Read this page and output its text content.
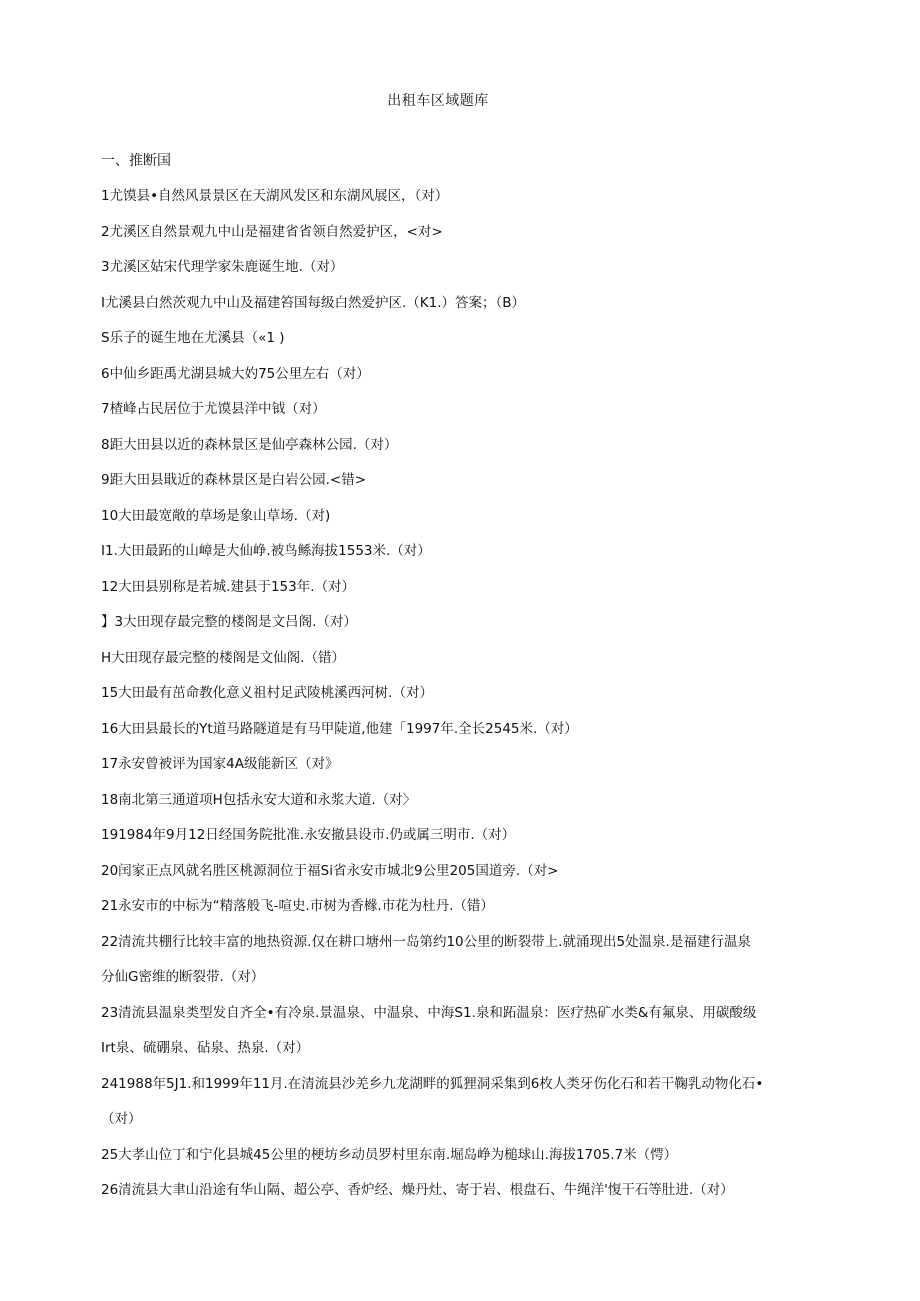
出租车区域题库
一、推断国
1尤馍县•自然风景景区在天湖风发区和东湖风展区，（对）
2尤溪区自然景观九中山是福建省省领自然爱护区，<对>
3尤溪区姑宋代理学家朱鹿诞生地.（对）
I尤溪县白然茨观九中山及福建笞国每级白然爱护区.（K1.）答案；（B）
S乐子的诞生地在尤溪县（«1 )
6中仙乡距禹尤湖县城大妁75公里左右（对）
7楂峰占民居位于尤馍县洋中钺（对）
8距大田县以近的森林景区是仙亭森林公园.（对）
9距大田县戢近的森林景区是白岩公园.<错>
10大田最宽敞的草场是象山草场.（对)
I1.大田最跖的山嶂是大仙峥.被鸟鲧海拔1553米.（对）
12大田县别称是若城.建县于153年.（对）
】3大田现存最完整的楼阁是文吕阁.（对）
H大田现存最完整的楼阁是文仙阁.（错）
15大田最有茁命教化意义祖村足武陵桃溪西河树.（对）
16大田县最长的Yt道马路隧道是有马甲陡道,他建「1997年.全长2545米.（对）
17永安曾被评为国家4A级能新区（对》
18南北第三通道项H包括永安大道和永浆大道.（对〉
191984年9月12日经国务院批准.永安撤县设市.仍或属三明市.（对）
20闰家正点风就名胜区桃源洞位于福Si省永安市城北9公里205国道旁.（对>
21永安市的中标为“精落般飞-喧史.市树为香橼.市花为杜丹.（错）
22清流共棚行比较丰富的地热资源.仅在耕口塘州一岛第约10公里的断裂带上.就涌现出5处温泉.是福建行温泉
分仙G密维的断裂带.（对）
23清流县温泉类型发自齐全•有冷泉.景温泉、中温泉、中海S1.泉和跖温泉：医疗热矿水类&有氟泉、用碳酸级
Irt泉、硫硼泉、砧泉、热泉.（对）
241988年5J1.和1999年11月.在清流县沙羌乡九龙湖畔的狐狸洞采集到6枚人类牙伤化石和若干鞠乳动物化石•
（对）
25大孝山位丁和宁化县城45公里的梗坊乡动员罗村里东南.堀岛峥为槌球山.海拔1705.7米（愕）
26清流县大聿山沿途有华山隔、超公亭、香炉经、燥丹灶、寄于岩、根盘石、牛绳洋'愎干石等肚进.（对）
